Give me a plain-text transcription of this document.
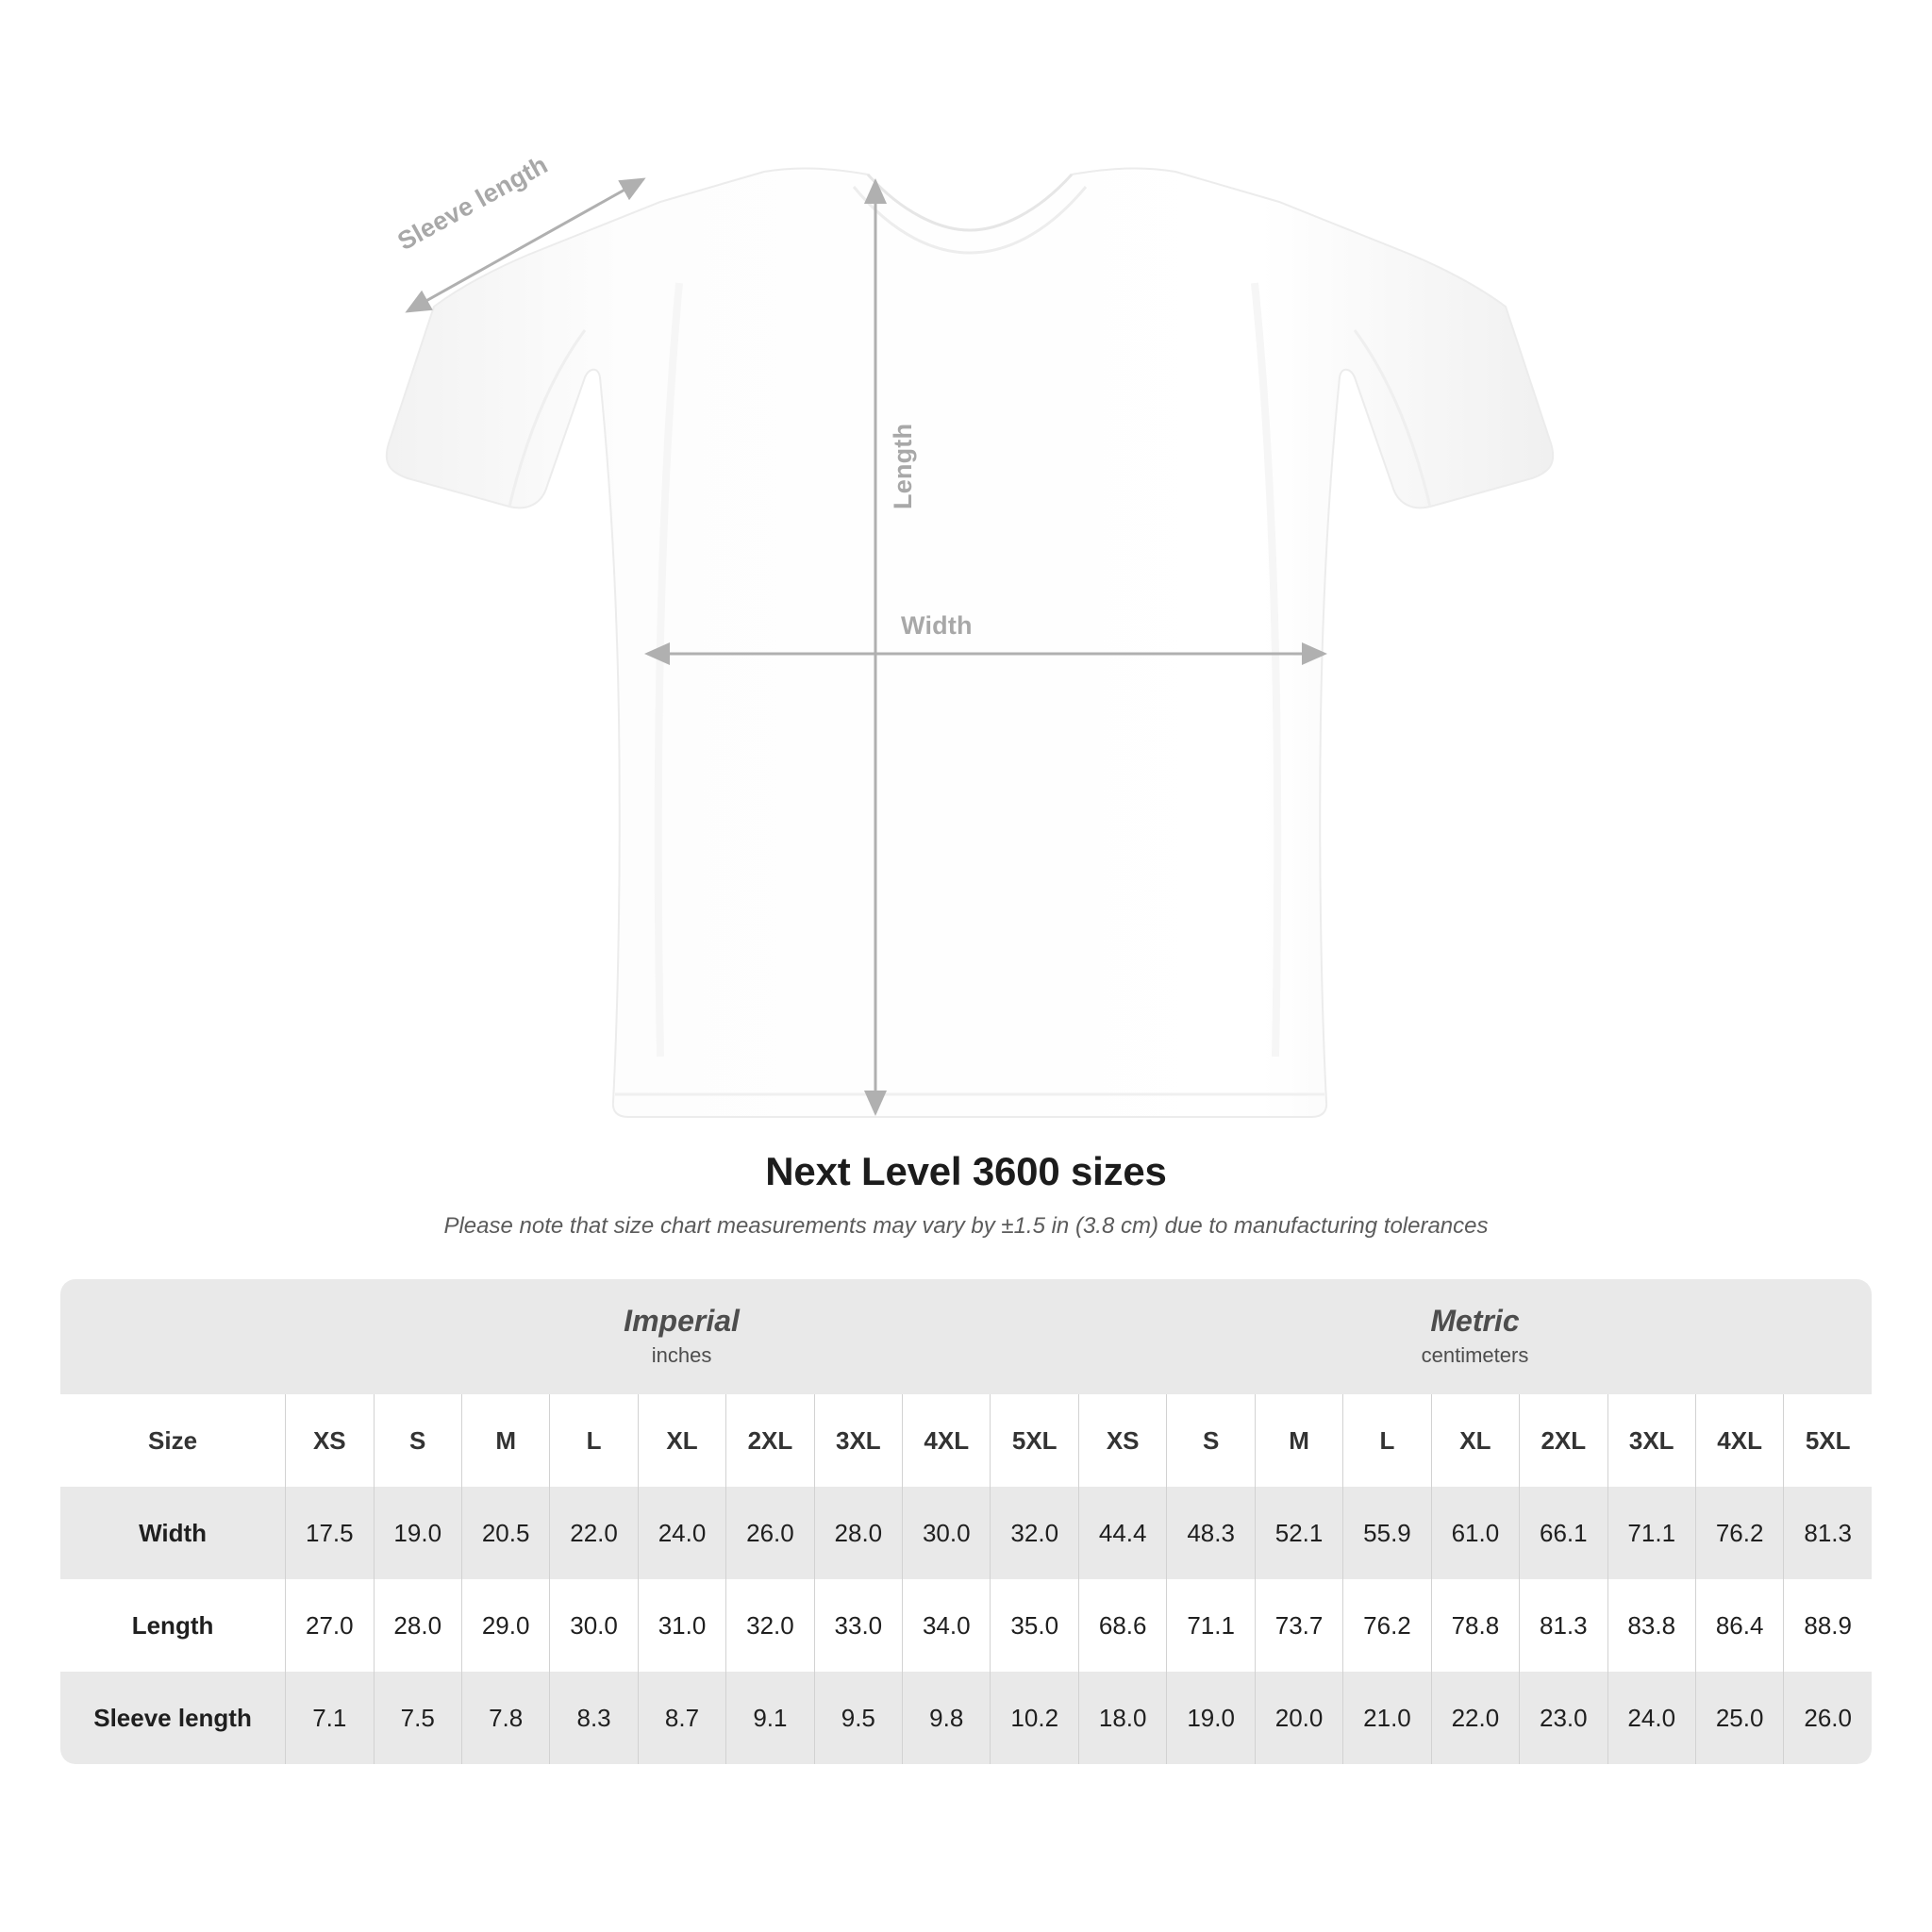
Sleeve length
Length
Width
Next Level 3600 sizes
Please note that size chart measurements may vary by ±1.5 in (3.8 cm) due to manufacturing tolerances

	Imperial
inches									Metric
centimeters								

Size	XS	S	M	L	XL	2XL	3XL	4XL	5XL	XS	S	M	L	XL	2XL	3XL	4XL	5XL
Width	17.5	19.0	20.5	22.0	24.0	26.0	28.0	30.0	32.0	44.4	48.3	52.1	55.9	61.0	66.1	71.1	76.2	81.3
Length	27.0	28.0	29.0	30.0	31.0	32.0	33.0	34.0	35.0	68.6	71.1	73.7	76.2	78.8	81.3	83.8	86.4	88.9
Sleeve length	7.1	7.5	7.8	8.3	8.7	9.1	9.5	9.8	10.2	18.0	19.0	20.0	21.0	22.0	23.0	24.0	25.0	26.0
